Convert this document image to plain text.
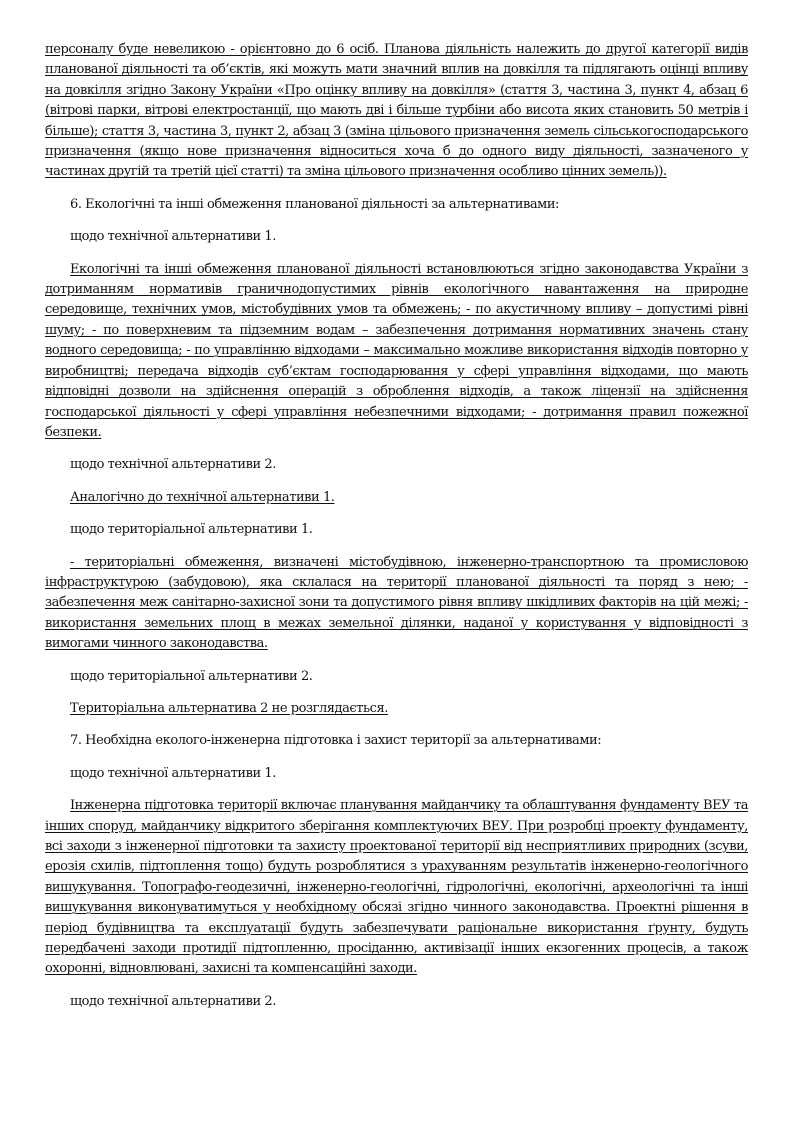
персоналу буде невеликою - орієнтовно до 6 осіб. Планова діяльність належить до другої категорії видів планованої діяльності та об’єктів, які можуть мати значний вплив на довкілля та підлягають оцінці впливу на довкілля згідно Закону України «Про оцінку впливу на довкілля» (стаття 3, частина 3, пункт 4, абзац 6 (вітрові парки, вітрові електростанції, що мають дві і більше турбіни або висота яких становить 50 метрів і більше); стаття 3, частина 3, пункт 2, абзац 3 (зміна цільового призначення земель сільськогосподарського призначення (якщо нове призначення відноситься хоча б до одного виду діяльності, зазначеного у частинах другій та третій цієї статті) та зміна цільового призначення особливо цінних земель)).

6. Екологічні та інші обмеження планованої діяльності за альтернативами:

щодо технічної альтернативи 1.

Екологічні та інші обмеження планованої діяльності встановлюються згідно законодавства України з дотриманням нормативів граничнодопустимих рівнів екологічного навантаження на природне середовище, технічних умов, містобудівних умов та обмежень; - по акустичному впливу – допустимі рівні шуму; - по поверхневим та підземним водам – забезпечення дотримання нормативних значень стану водного середовища; - по управлінню відходами – максимально можливе використання відходів повторно у виробництві; передача відходів суб’єктам господарювання у сфері управління відходами, що мають відповідні дозволи на здійснення операцій з оброблення відходів, а також ліцензії на здійснення господарської діяльності у сфері управління небезпечними відходами; - дотримання правил пожежної безпеки.

щодо технічної альтернативи 2.

Аналогічно до технічної альтернативи 1.

щодо територіальної альтернативи 1.

- територіальні обмеження, визначені містобудівною, інженерно-транспортною та промисловою інфраструктурою (забудовою), яка склалася на території планованої діяльності та поряд з нею; - забезпечення меж санітарно-захисної зони та допустимого рівня впливу шкідливих факторів на цій межі; - використання земельних площ в межах земельної ділянки, наданої у користування у відповідності з вимогами чинного законодавства.

щодо територіальної альтернативи 2.

Територіальна альтернатива 2 не розглядається.

7. Необхідна еколого-інженерна підготовка і захист території за альтернативами:

щодо технічної альтернативи 1.

Інженерна підготовка території включає планування майданчику та облаштування фундаменту ВЕУ та інших споруд, майданчику відкритого зберігання комплектуючих ВЕУ. При розробці проекту фундаменту, всі заходи з інженерної підготовки та захисту проектованої території від несприятливих природних (зсуви, ерозія схилів, підтоплення тощо) будуть розроблятися з урахуванням результатів інженерно-геологічного вишукування. Топографо-геодезичні, інженерно-геологічні, гідрологічні, екологічні, археологічні та інші вишукування виконуватимуться у необхідному обсязі згідно чинного законодавства. Проектні рішення в період будівництва та експлуатації будуть забезпечувати раціональне використання ґрунту, будуть передбачені заходи протидії підтопленню, просіданню, активізації інших екзогенних процесів, а також охоронні, відновлювані, захисні та компенсаційні заходи.

щодо технічної альтернативи 2.
